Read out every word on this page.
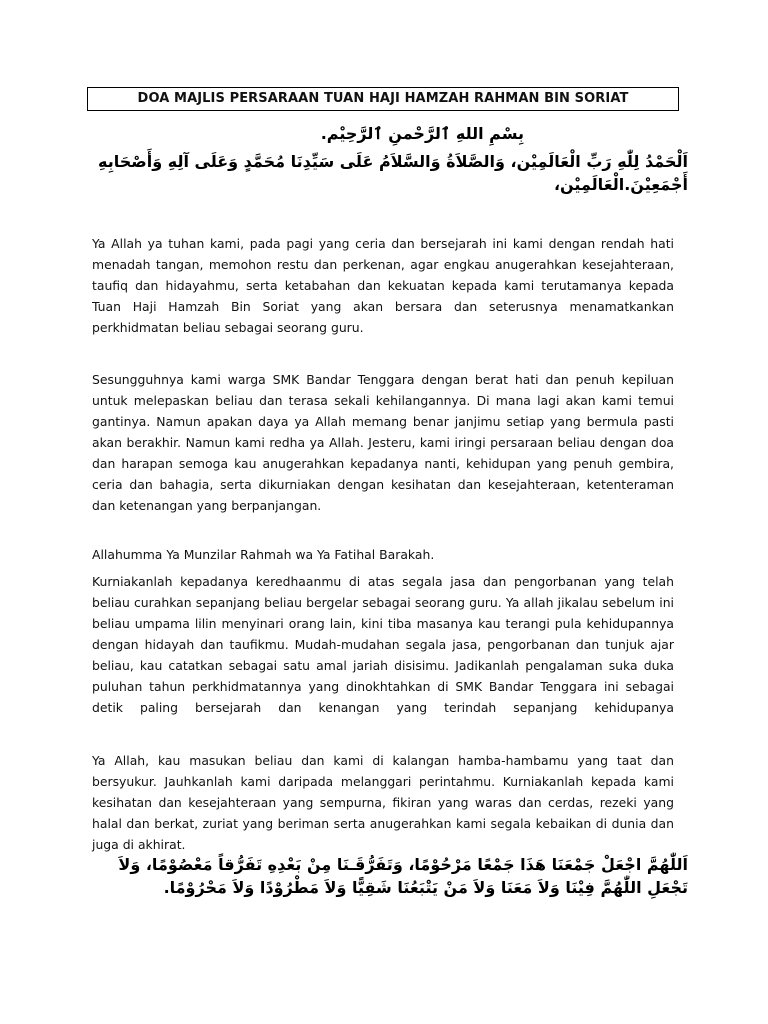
DOA MAJLIS PERSARAAN TUAN HAJI HAMZAH RAHMAN BIN SORIAT
بِسْمِ اللهِ ٱلرَّحْمنِ ٱلرَّحِيْم.
اَلْحَمْدُ لِلّٰهِ رَبِّ الْعَالَمِيْن، وَالصَّلاَةُ وَالسَّلاَمُ عَلَى سَيِّدِنَا مُحَمَّدٍ وَعَلَى آلِهِ وَأَصْحَابِهِ أَجْمَعِيْنَ.الْعَالَمِيْن،

Ya Allah ya tuhan kami, pada pagi yang ceria dan bersejarah ini kami dengan rendah hati menadah tangan, memohon restu dan perkenan, agar engkau anugerahkan kesejahteraan, taufiq dan hidayahmu, serta ketabahan dan kekuatan kepada kami terutamanya kepada Tuan Haji Hamzah Bin Soriat yang akan bersara dan seterusnya menamatkankan perkhidmatan beliau sebagai seorang guru.

Sesungguhnya kami warga SMK Bandar Tenggara dengan berat hati dan penuh kepiluan untuk melepaskan beliau dan terasa sekali kehilangannya. Di mana lagi akan kami temui gantinya. Namun apakan daya ya Allah memang benar janjimu setiap yang bermula pasti akan berakhir. Namun kami redha ya Allah. Jesteru, kami iringi persaraan beliau dengan doa dan harapan semoga kau anugerahkan kepadanya nanti, kehidupan yang penuh gembira, ceria dan bahagia, serta dikurniakan dengan kesihatan dan kesejahteraan, ketenteraman dan ketenangan yang berpanjangan.

Allahumma Ya Munzilar Rahmah wa Ya Fatihal Barakah.

Kurniakanlah kepadanya keredhaanmu di atas segala jasa dan pengorbanan yang telah beliau curahkan sepanjang beliau bergelar sebagai seorang guru. Ya allah jikalau sebelum ini beliau umpama lilin menyinari orang lain, kini tiba masanya kau terangi pula kehidupannya dengan hidayah dan taufikmu. Mudah-mudahan segala jasa, pengorbanan dan tunjuk ajar beliau, kau catatkan sebagai satu amal jariah disisimu. Jadikanlah pengalaman suka duka puluhan tahun perkhidmatannya yang dinokhtahkan di SMK Bandar Tenggara ini sebagai detik paling bersejarah dan kenangan yang terindah sepanjang kehidupanya

Ya Allah, kau masukan beliau dan kami di kalangan hamba-hambamu yang taat dan bersyukur. Jauhkanlah kami daripada melanggari perintahmu. Kurniakanlah kepada kami kesihatan dan kesejahteraan yang sempurna, fikiran yang waras dan cerdas, rezeki yang halal dan berkat, zuriat yang beriman serta anugerahkan kami segala kebaikan di dunia dan juga di akhirat.

اَللّٰهُمَّ اجْعَلْ جَمْعَنَا هَذَا جَمْعًا مَرْحُوْمًا، وَتَفَرُّقَـنَا مِنْ بَعْدِهِ تَفَرُّقاً مَعْصُوْمًا، وَلاَ تَجْعَلِ اللّٰهُمَّ فِيْنَا وَلاَ مَعَنَا وَلاَ مَنْ يَتْبَعُنَا شَقِيًّا وَلاَ مَطْرُوْدًا وَلاَ مَحْرُوْمًا.
